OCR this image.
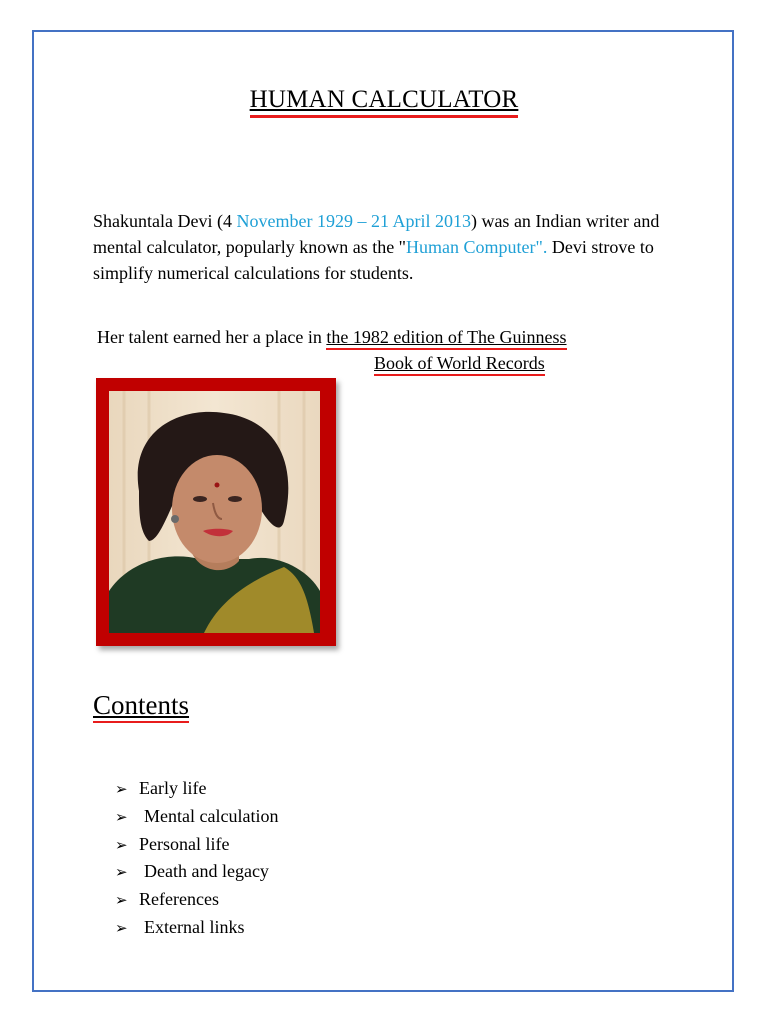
HUMAN CALCULATOR
Shakuntala Devi (4 November 1929 – 21 April 2013) was an Indian writer and mental calculator, popularly known as the "Human Computer". Devi strove to simplify numerical calculations for students.
Her talent earned her a place in the 1982 edition of The Guinness
Book of World Records
Contents
➢ Early life
➢ Mental calculation
➢ Personal life
➢ Death and legacy
➢ References
➢ External links
